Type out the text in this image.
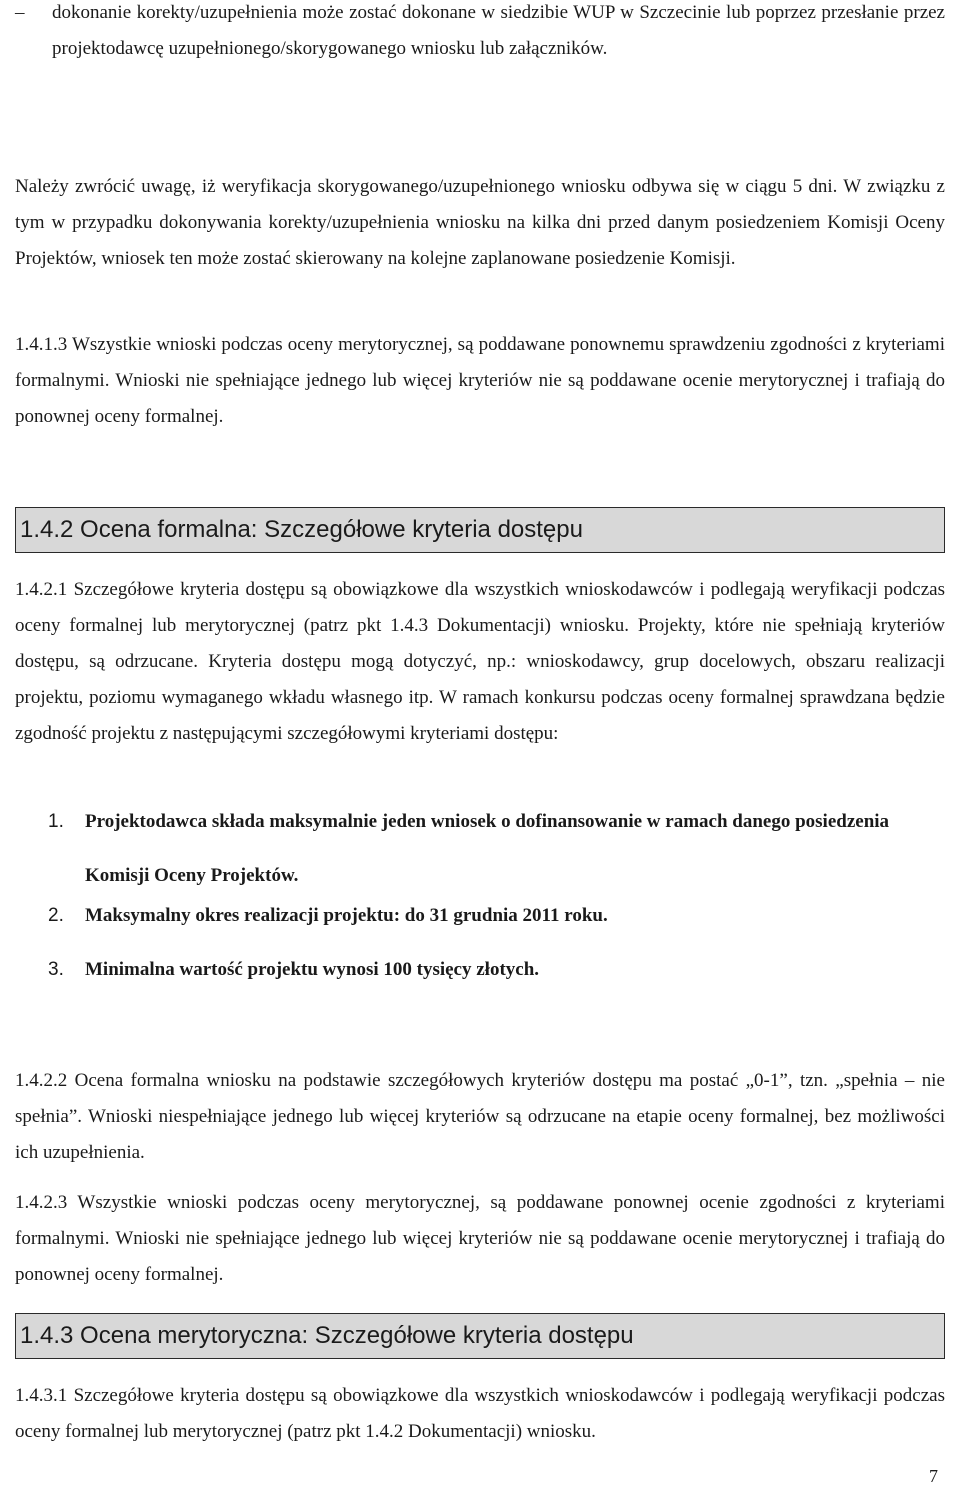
– dokonanie korekty/uzupełnienia może zostać dokonane w siedzibie WUP w Szczecinie lub poprzez przesłanie przez projektodawcę uzupełnionego/skorygowanego wniosku lub załączników.
Należy zwrócić uwagę, iż weryfikacja skorygowanego/uzupełnionego wniosku odbywa się w ciągu 5 dni. W związku z tym w przypadku dokonywania korekty/uzupełnienia wniosku na kilka dni przed danym posiedzeniem Komisji Oceny Projektów, wniosek ten może zostać skierowany na kolejne zaplanowane posiedzenie Komisji.
1.4.1.3 Wszystkie wnioski podczas oceny merytorycznej, są poddawane ponownemu sprawdzeniu zgodności z kryteriami formalnymi. Wnioski nie spełniające jednego lub więcej kryteriów nie są poddawane ocenie merytorycznej i trafiają do ponownej oceny formalnej.
1.4.2 Ocena formalna: Szczegółowe kryteria dostępu
1.4.2.1 Szczegółowe kryteria dostępu są obowiązkowe dla wszystkich wnioskodawców i podlegają weryfikacji podczas oceny formalnej lub merytorycznej (patrz pkt 1.4.3 Dokumentacji) wniosku. Projekty, które nie spełniają kryteriów dostępu, są odrzucane. Kryteria dostępu mogą dotyczyć, np.: wnioskodawcy, grup docelowych, obszaru realizacji projektu, poziomu wymaganego wkładu własnego itp. W ramach konkursu podczas oceny formalnej sprawdzana będzie zgodność projektu z następującymi szczegółowymi kryteriami dostępu:
1. Projektodawca składa maksymalnie jeden wniosek o dofinansowanie w ramach danego posiedzenia Komisji Oceny Projektów.
2. Maksymalny okres realizacji projektu: do 31 grudnia 2011 roku.
3. Minimalna wartość projektu wynosi 100 tysięcy złotych.
1.4.2.2 Ocena formalna wniosku na podstawie szczegółowych kryteriów dostępu ma postać „0-1”, tzn. „spełnia – nie spełnia”. Wnioski niespełniające jednego lub więcej kryteriów są odrzucane na etapie oceny formalnej, bez możliwości ich uzupełnienia.
1.4.2.3 Wszystkie wnioski podczas oceny merytorycznej, są poddawane ponownej ocenie zgodności z kryteriami formalnymi. Wnioski nie spełniające jednego lub więcej kryteriów nie są poddawane ocenie merytorycznej i trafiają do ponownej oceny formalnej.
1.4.3 Ocena merytoryczna: Szczegółowe kryteria dostępu
1.4.3.1 Szczegółowe kryteria dostępu są obowiązkowe dla wszystkich wnioskodawców i podlegają weryfikacji podczas oceny formalnej lub merytorycznej (patrz pkt 1.4.2 Dokumentacji) wniosku.
7
